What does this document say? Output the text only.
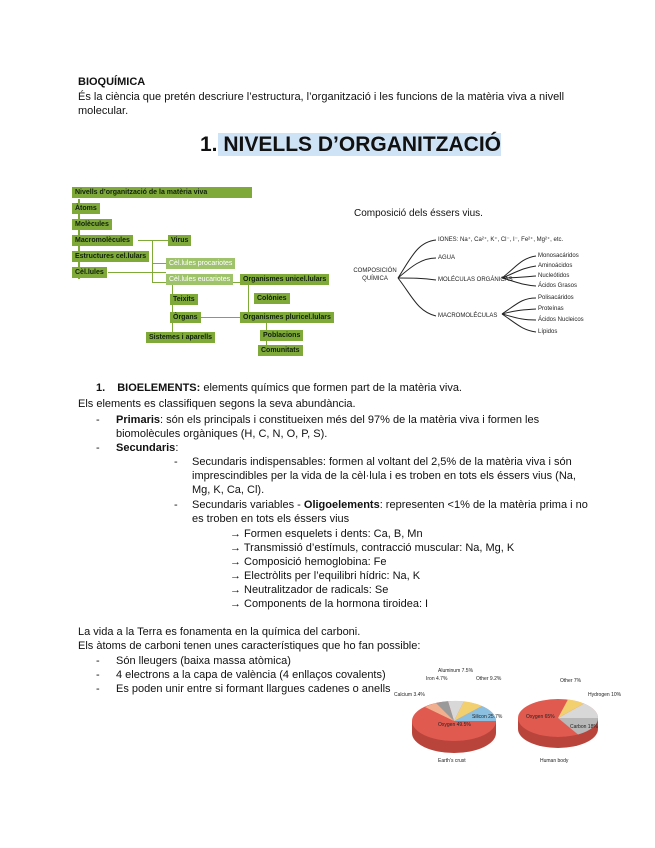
BIOQUÍMICA
És la ciència que pretén descriure l’estructura, l’organització i les funcions de la matèria viva a nivell
molecular.
1. NIVELLS D’ORGANITZACIÓ
Nivells d’organització de la matèria viva
Àtoms
Molècules
Macromolècules	Virus
Estructures cel.lulars
Cèl.lules procariotes
Cèl.lules
Cèl.lules eucariotes	Organismes unicel.lulars
Teixits	Colònies
Òrgans	Organismes pluricel.lulars
Sistemes i aparells	Poblacions
Comunitats
Composició dels éssers vius.
COMPOSICIÓN QUÍMICA
IONES: Na⁺, Ca²⁺, K⁺, Cl⁻, I⁻, Fe²⁺, Mg²⁺, etc.
AGUA
MOLÉCULAS ORGÁNICAS
MACROMOLÉCULAS
Monosacáridos
Aminoácidos
Nucleótidos
Ácidos Grasos
Polisacáridos
Proteínas
Ácidos Nucleicos
Lípidos
1. BIOELEMENTS: elements químics que formen part de la matèria viva.
Els elements es classifiquen segons la seva abundància.
- Primaris: són els principals i constitueixen més del 97% de la matèria viva i formen les
biomolècules orgàniques (H, C, N, O, P, S).
- Secundaris:
- Secundaris indispensables: formen al voltant del 2,5% de la matèria viva i són
imprescindibles per la vida de la cèl·lula i es troben en tots els éssers vius (Na,
Mg, K, Ca, Cl).
- Secundaris variables - Oligoelements: representen <1% de la matèria prima i no
es troben en tots els éssers vius
→ Formen esquelets i dents: Ca, B, Mn
→ Transmissió d’estímuls, contracció muscular: Na, Mg, K
→ Composició hemoglobina: Fe
→ Electròlits per l’equilibri hídric: Na, K
→ Neutralitzador de radicals: Se
→ Components de la hormona tiroidea: I
La vida a la Terra es fonamenta en la química del carboni.
Els àtoms de carboni tenen unes característiques que ho fan possible:
- Són lleugers (baixa massa atòmica)
- 4 electrons a la capa de valència (4 enllaços covalents)
- Es poden unir entre si formant llargues cadenes o anells
Aluminum 7.5%
Iron 4.7%	Other 9.2%
Calcium 3.4%
Silicon 25.7%
Oxygen 49.5%
Earth’s crust
Other 7%
Hydrogen 10%
Oxygen 65%
Carbon 18%
Human body
